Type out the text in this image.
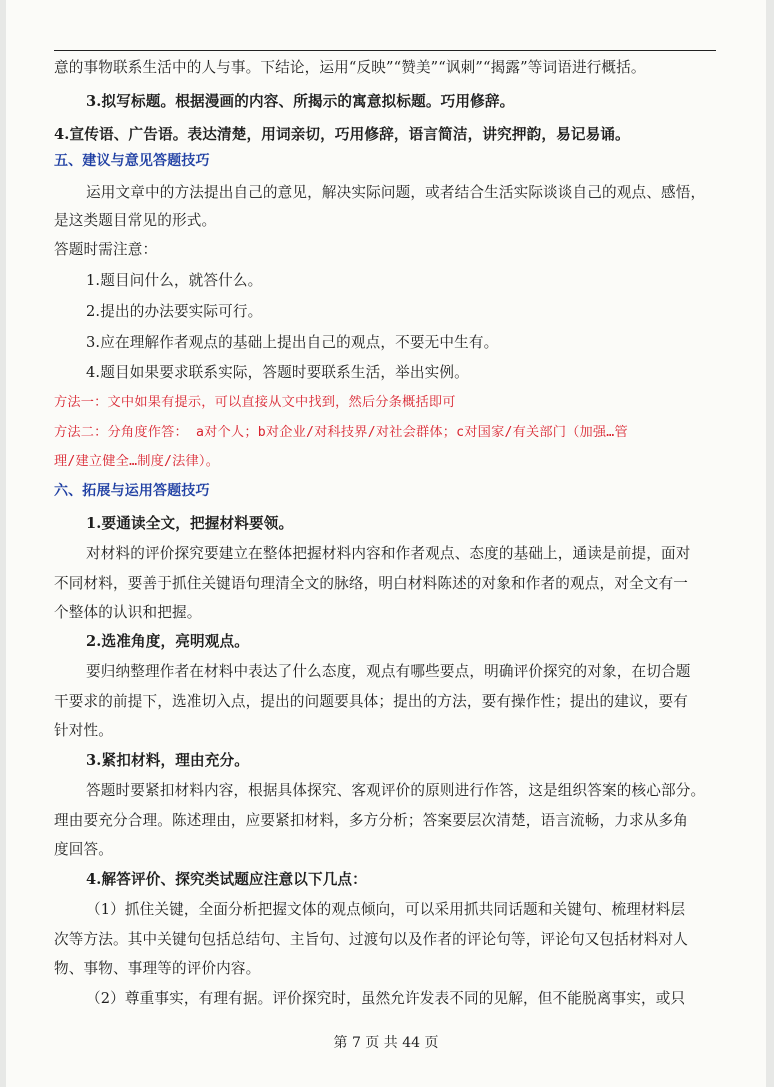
意的事物联系生活中的人与事。下结论，运用“反映”“赞美”“讽刺”“揭露”等词语进行概括。

3.拟写标题。根据漫画的内容、所揭示的寓意拟标题。巧用修辞。

4.宣传语、广告语。表达清楚，用词亲切，巧用修辞，语言简洁，讲究押韵，易记易诵。

五、建议与意见答题技巧

运用文章中的方法提出自己的意见，解决实际问题，或者结合生活实际谈谈自己的观点、感悟，

是这类题目常见的形式。

答题时需注意：

1.题目问什么，就答什么。

2.提出的办法要实际可行。

3.应在理解作者观点的基础上提出自己的观点，不要无中生有。

4.题目如果要求联系实际，答题时要联系生活，举出实例。

方法一：文中如果有提示，可以直接从文中找到，然后分条概括即可

方法二：分角度作答： a对个人；b对企业/对科技界/对社会群体；c对国家/有关部门（加强…管

理/建立健全…制度/法律）。

六、拓展与运用答题技巧

1.要通读全文，把握材料要领。

对材料的评价探究要建立在整体把握材料内容和作者观点、态度的基础上，通读是前提，面对

不同材料，要善于抓住关键语句理清全文的脉络，明白材料陈述的对象和作者的观点，对全文有一

个整体的认识和把握。

2.选准角度，亮明观点。

要归纳整理作者在材料中表达了什么态度，观点有哪些要点，明确评价探究的对象，在切合题

干要求的前提下，选准切入点，提出的问题要具体；提出的方法，要有操作性；提出的建议，要有

针对性。

3.紧扣材料，理由充分。

答题时要紧扣材料内容，根据具体探究、客观评价的原则进行作答，这是组织答案的核心部分。

理由要充分合理。陈述理由，应要紧扣材料，多方分析；答案要层次清楚，语言流畅，力求从多角

度回答。

4.解答评价、探究类试题应注意以下几点：

（1）抓住关键，全面分析把握文体的观点倾向，可以采用抓共同话题和关键句、梳理材料层

次等方法。其中关键句包括总结句、主旨句、过渡句以及作者的评论句等，评论句又包括材料对人

物、事物、事理等的评价内容。

（2）尊重事实，有理有据。评价探究时，虽然允许发表不同的见解，但不能脱离事实，或只

第 7 页 共 44 页
